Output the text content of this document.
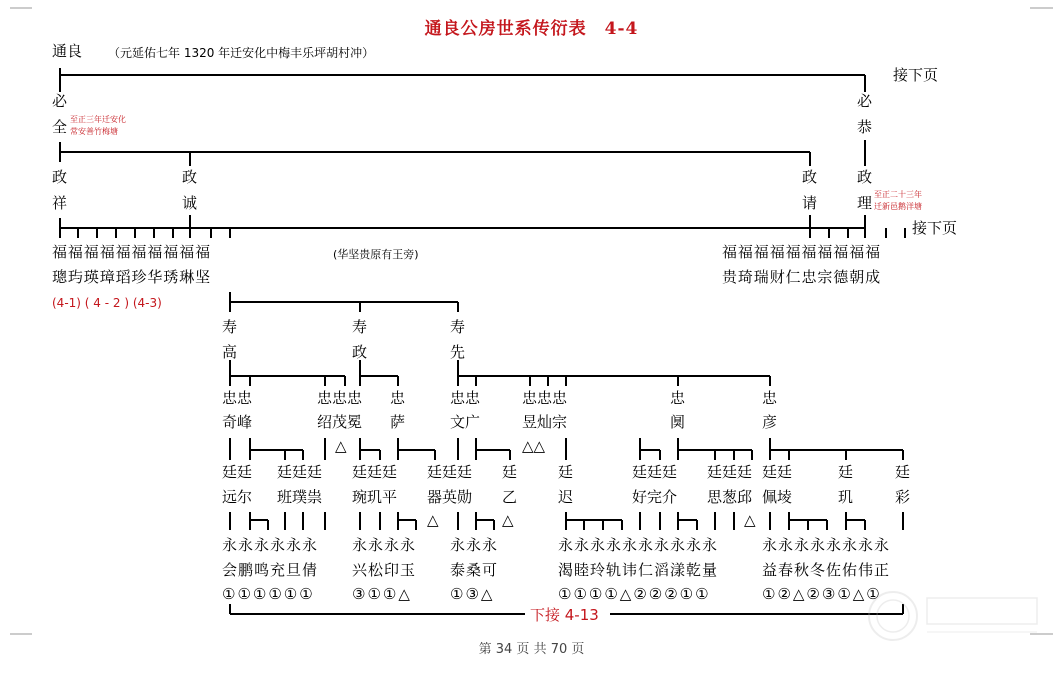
通良公房世系传衍表　4-4
通良 （元延佑七年 1320 年迁安化中梅丰乐坪胡村冲）
接下页
必
全 至正三年迁安化
常安善竹梅塘
必
恭
政
祥
政
诚
政
请
政
理 至正二十三年
迁新邑鹅洋塘
接下页
福福福福福福福福福福
璁玙瑛璋瑫珍华琇琳坚
(4-1) ( 4 - 2 ) (4-3)
(华坚贵原有王旁)	福福福福福福福福福福
贵琦瑞财仁忠宗德朝成
寿
高
寿
政
寿
先
忠忠
奇峰
忠忠忠
绍茂冕
△
忠
萨
忠忠
文广
忠忠忠
昱灿宗
△△
忠
阒
忠
彦
廷廷
远尔
廷廷廷
班璞祟
廷廷廷
琬玑平
廷廷廷
器英勋
△
廷
乙
△
廷
迟
廷廷廷
好完介
廷廷廷
思葱邱
△
廷廷
佩堎
廷
玑
廷
彩
永永永永永永
会鹏鸣充旦倩
①①①①①①
永永永永
兴松印玉
③①①△
永永永
泰桑可
①③△
永永永永永永永永永永
渴睦玲轨讳仁滔漾乾量
①①①①△②②②①①
永永永永永永永永
益春秋冬佐佑伟正
①②△②③①△①
下接 4-13
第 34 页 共 70 页
